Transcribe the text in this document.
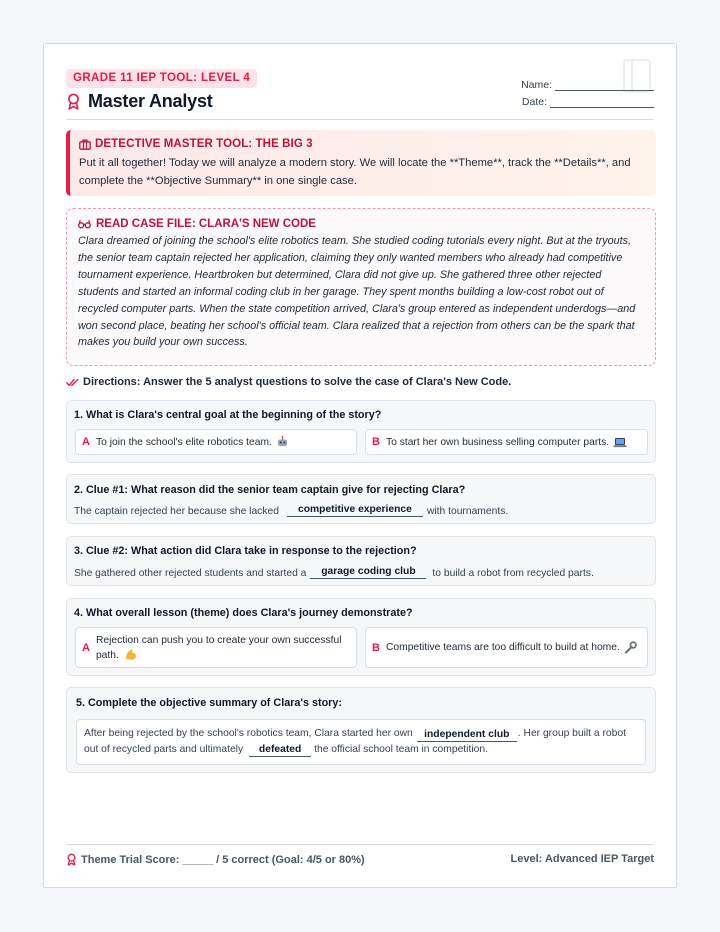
GRADE 11 IEP TOOL: LEVEL 4
Master Analyst
Name:
Date:
DETECTIVE MASTER TOOL: THE BIG 3
Put it all together! Today we will analyze a modern story. We will locate the **Theme**, track the **Details**, and complete the **Objective Summary** in one single case.
READ CASE FILE: CLARA'S NEW CODE
Clara dreamed of joining the school's elite robotics team. She studied coding tutorials every night. But at the tryouts, the senior team captain rejected her application, claiming they only wanted members who already had competitive tournament experience. Heartbroken but determined, Clara did not give up. She gathered three other rejected students and started an informal coding club in her garage. They spent months building a low-cost robot out of recycled computer parts. When the state competition arrived, Clara's group entered as independent underdogs—and won second place, beating her school's official team. Clara realized that a rejection from others can be the spark that makes you build your own success.
Directions: Answer the 5 analyst questions to solve the case of Clara's New Code.
1. What is Clara's central goal at the beginning of the story?
A To join the school's elite robotics team.	B To start her own business selling computer parts.
2. Clue #1: What reason did the senior team captain give for rejecting Clara?
The captain rejected her because she lacked	competitive experience	with tournaments.
3. Clue #2: What action did Clara take in response to the rejection?
She gathered other rejected students and started a	garage coding club	to build a robot from recycled parts.
4. What overall lesson (theme) does Clara's journey demonstrate?
A
Rejection can push you to create your own successful path.
B Competitive teams are too difficult to build at home.
5. Complete the objective summary of Clara's story:
After being rejected by the school's robotics team, Clara started her own	independent club . Her group built a robot
out of recycled parts and ultimately	defeated	the official school team in competition.
Theme Trial Score: _____ / 5 correct (Goal: 4/5 or 80%)	Level: Advanced IEP Target
